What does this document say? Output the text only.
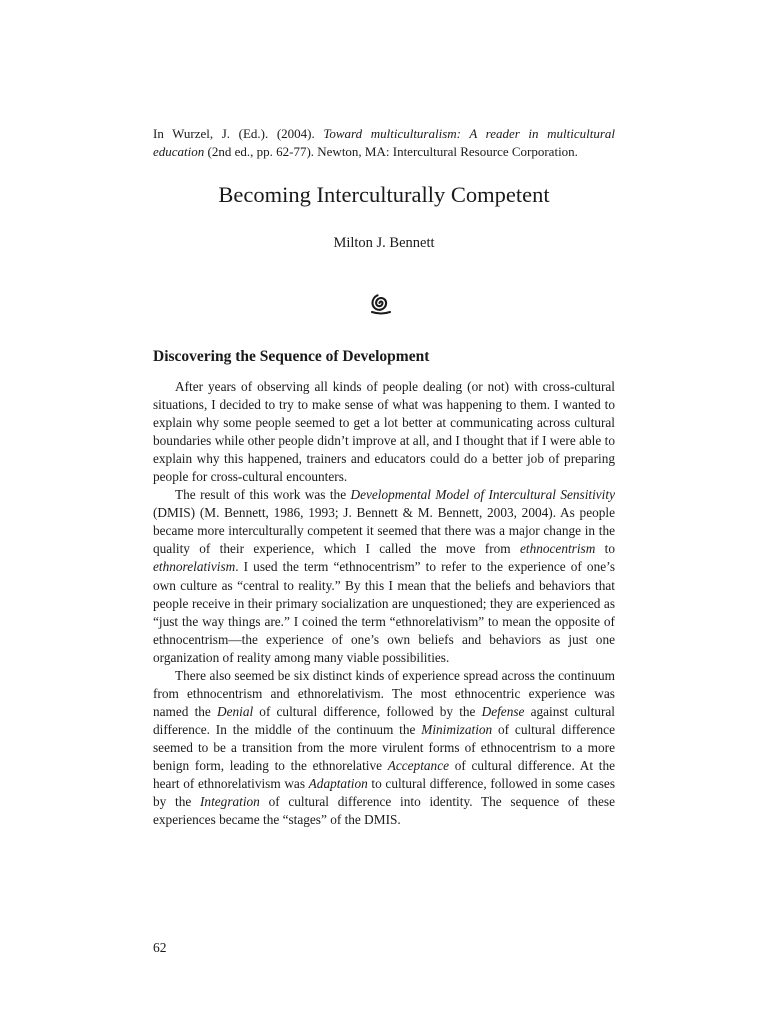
In Wurzel, J. (Ed.). (2004). Toward multiculturalism: A reader in multicultural education (2nd ed., pp. 62-77). Newton, MA: Intercultural Resource Corporation.
Becoming Interculturally Competent
Milton J. Bennett
Discovering the Sequence of Development

After years of observing all kinds of people dealing (or not) with cross-cultural situations, I decided to try to make sense of what was happening to them. I wanted to explain why some people seemed to get a lot better at communicating across cultural boundaries while other people didn’t improve at all, and I thought that if I were able to explain why this happened, trainers and educators could do a better job of preparing people for cross-cultural encounters.

The result of this work was the Developmental Model of Intercultural Sensitivity (DMIS) (M. Bennett, 1986, 1993; J. Bennett & M. Bennett, 2003, 2004). As people became more interculturally competent it seemed that there was a major change in the quality of their experience, which I called the move from ethnocentrism to ethnorelativism. I used the term “ethnocentrism” to refer to the experience of one’s own culture as “central to reality.” By this I mean that the beliefs and behaviors that people receive in their primary socialization are unquestioned; they are experienced as “just the way things are.” I coined the term “ethnorelativism” to mean the opposite of ethnocentrism—the experience of one’s own beliefs and behaviors as just one organization of reality among many viable possibilities.

There also seemed be six distinct kinds of experience spread across the continuum from ethnocentrism and ethnorelativism. The most ethnocentric experience was named the Denial of cultural difference, followed by the Defense against cultural difference. In the middle of the continuum the Minimization of cultural difference seemed to be a transition from the more virulent forms of ethnocentrism to a more benign form, leading to the ethnorelative Acceptance of cultural difference. At the heart of ethnorelativism was Adaptation to cultural difference, followed in some cases by the Integration of cultural difference into identity. The sequence of these experiences became the “stages” of the DMIS.

62
